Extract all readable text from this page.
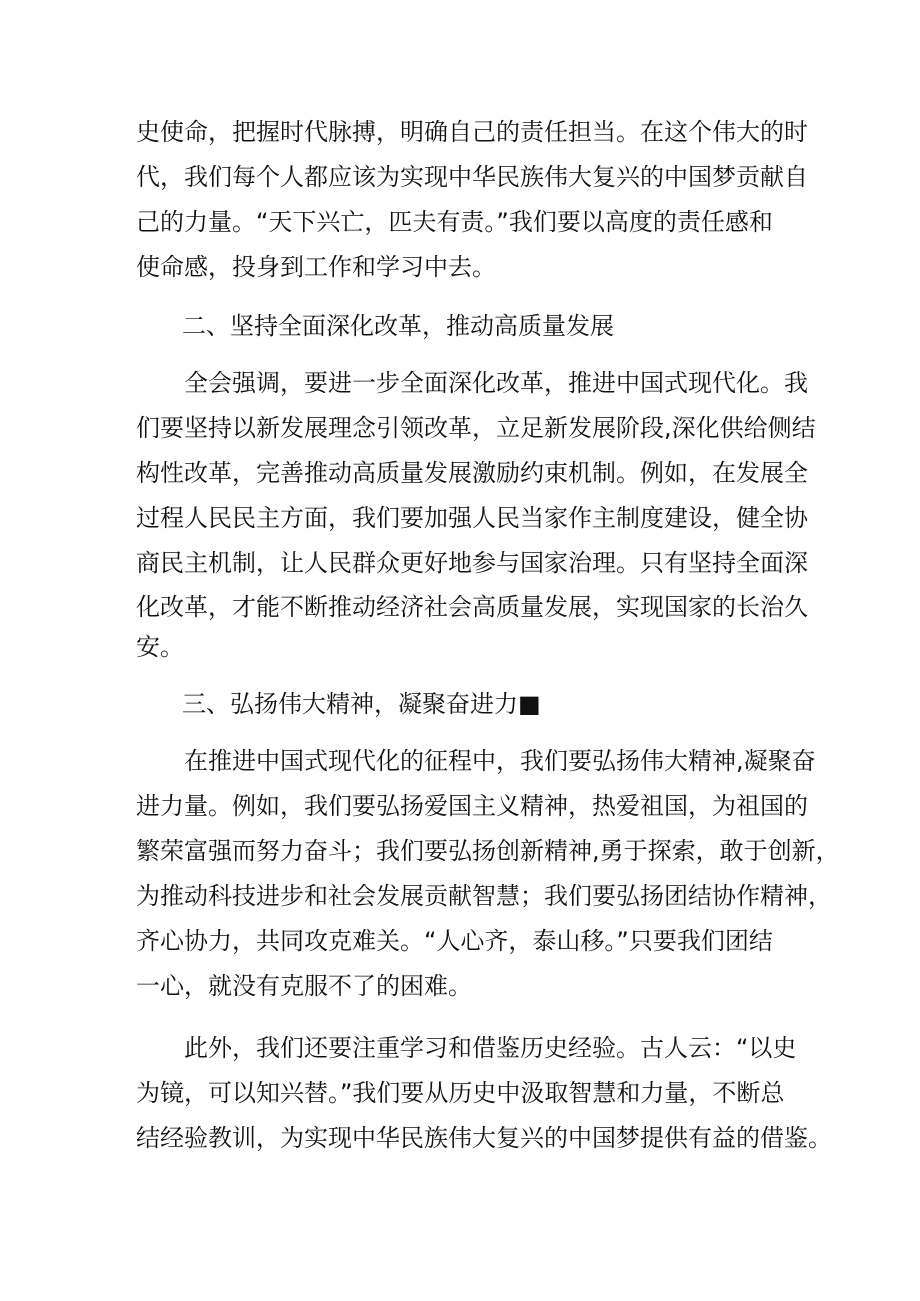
史使命，把握时代脉搏，明确自己的责任担当。在这个伟大的时
代，我们每个人都应该为实现中华民族伟大复兴的中国梦贡献自
己的力量。“天下兴亡，匹夫有责。”我们要以高度的责任感和
使命感，投身到工作和学习中去。
二、坚持全面深化改革，推动高质量发展
全会强调，要进一步全面深化改革，推进中国式现代化。我
们要坚持以新发展理念引领改革，立足新发展阶段,深化供给侧结
构性改革，完善推动高质量发展激励约束机制。例如，在发展全
过程人民民主方面，我们要加强人民当家作主制度建设，健全协
商民主机制，让人民群众更好地参与国家治理。只有坚持全面深
化改革，才能不断推动经济社会高质量发展，实现国家的长治久
安。
三、弘扬伟大精神，凝聚奋进力■
在推进中国式现代化的征程中，我们要弘扬伟大精神,凝聚奋
进力量。例如，我们要弘扬爱国主义精神，热爱祖国，为祖国的
繁荣富强而努力奋斗；我们要弘扬创新精神,勇于探索，敢于创新，
为推动科技进步和社会发展贡献智慧；我们要弘扬团结协作精神，
齐心协力，共同攻克难关。“人心齐，泰山移。”只要我们团结
一心，就没有克服不了的困难。
此外，我们还要注重学习和借鉴历史经验。古人云：“以史
为镜，可以知兴替。”我们要从历史中汲取智慧和力量，不断总
结经验教训，为实现中华民族伟大复兴的中国梦提供有益的借鉴。
